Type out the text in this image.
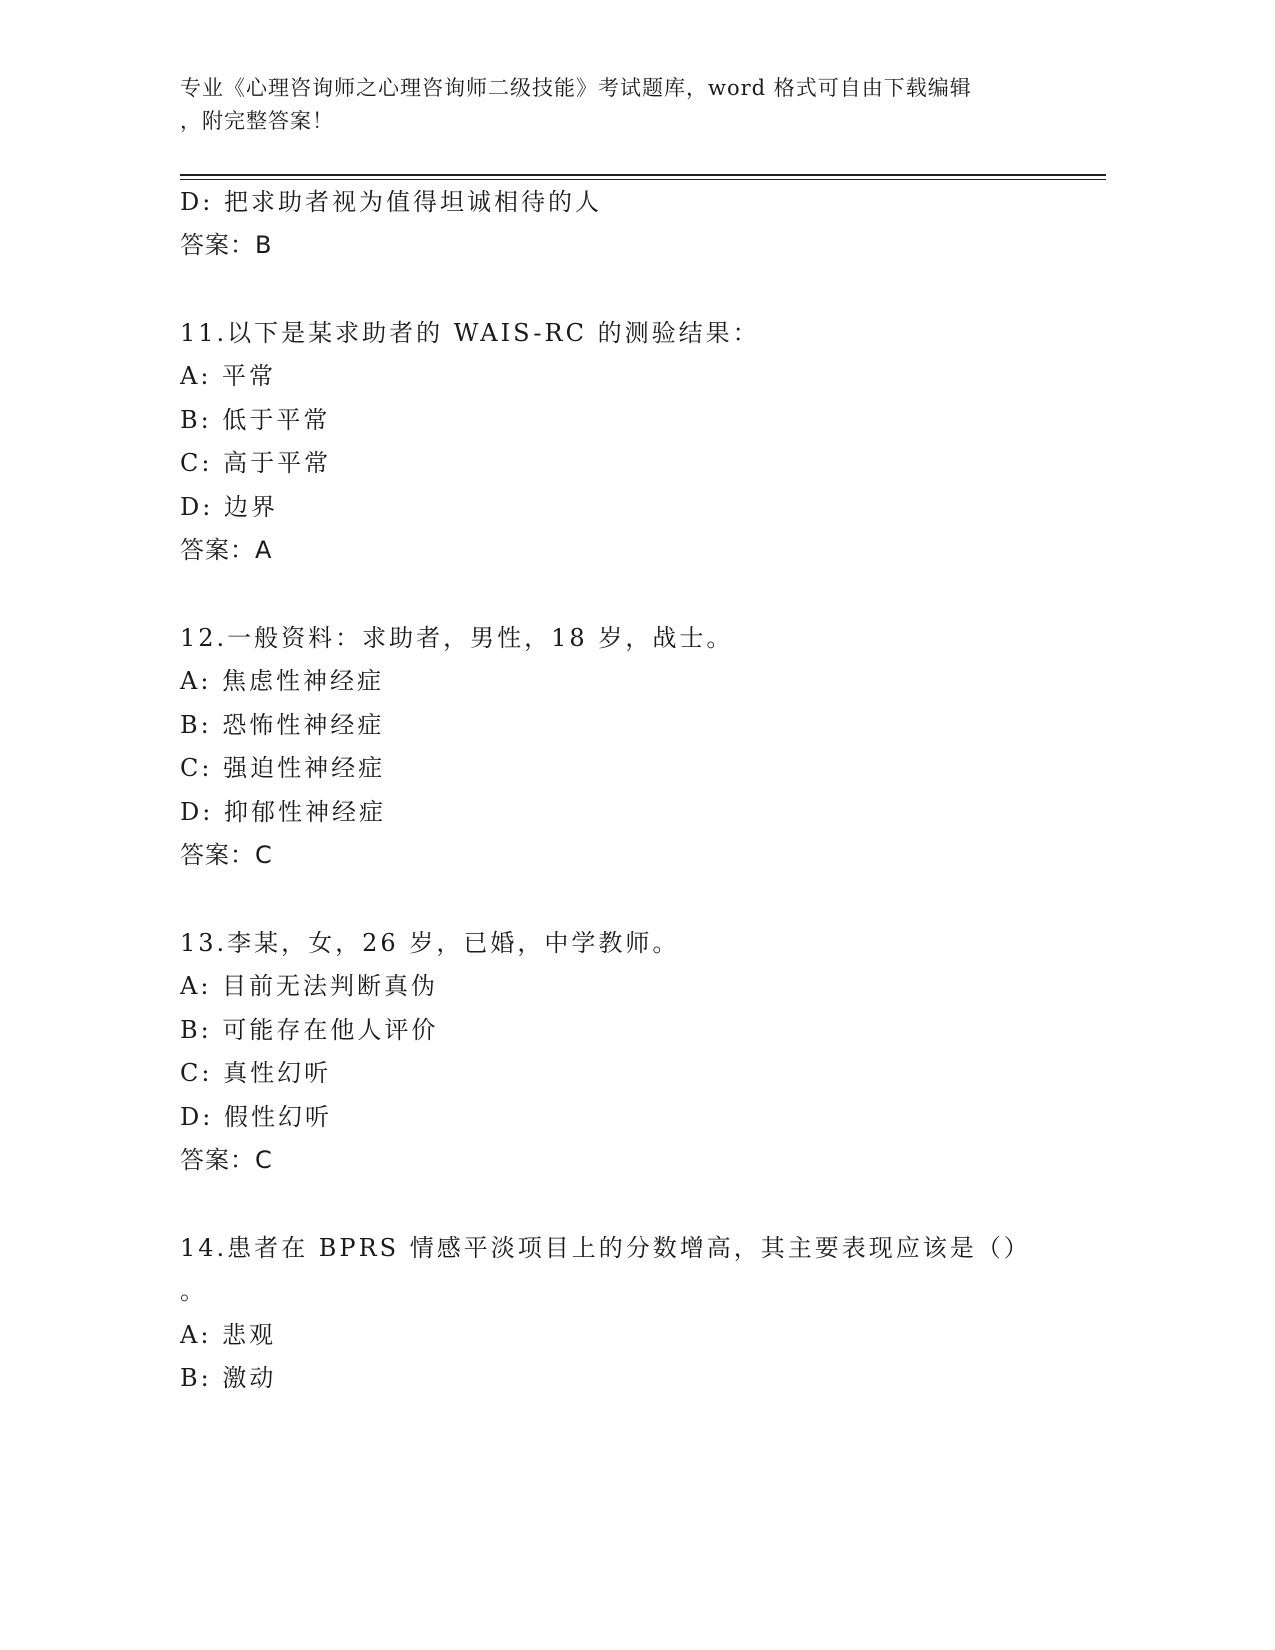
专业《心理咨询师之心理咨询师二级技能》考试题库，word 格式可自由下载编辑
，附完整答案！
D: 把求助者视为值得坦诚相待的人
答案：B
11.以下是某求助者的 WAIS-RC 的测验结果：
A: 平常
B: 低于平常
C: 高于平常
D: 边界
答案：A
12.一般资料：求助者，男性，18 岁，战士。
A: 焦虑性神经症
B: 恐怖性神经症
C: 强迫性神经症
D: 抑郁性神经症
答案：C
13.李某，女，26 岁，已婚，中学教师。
A: 目前无法判断真伪
B: 可能存在他人评价
C: 真性幻听
D: 假性幻听
答案：C
14.患者在 BPRS 情感平淡项目上的分数增高，其主要表现应该是（）
。
A: 悲观
B: 激动
